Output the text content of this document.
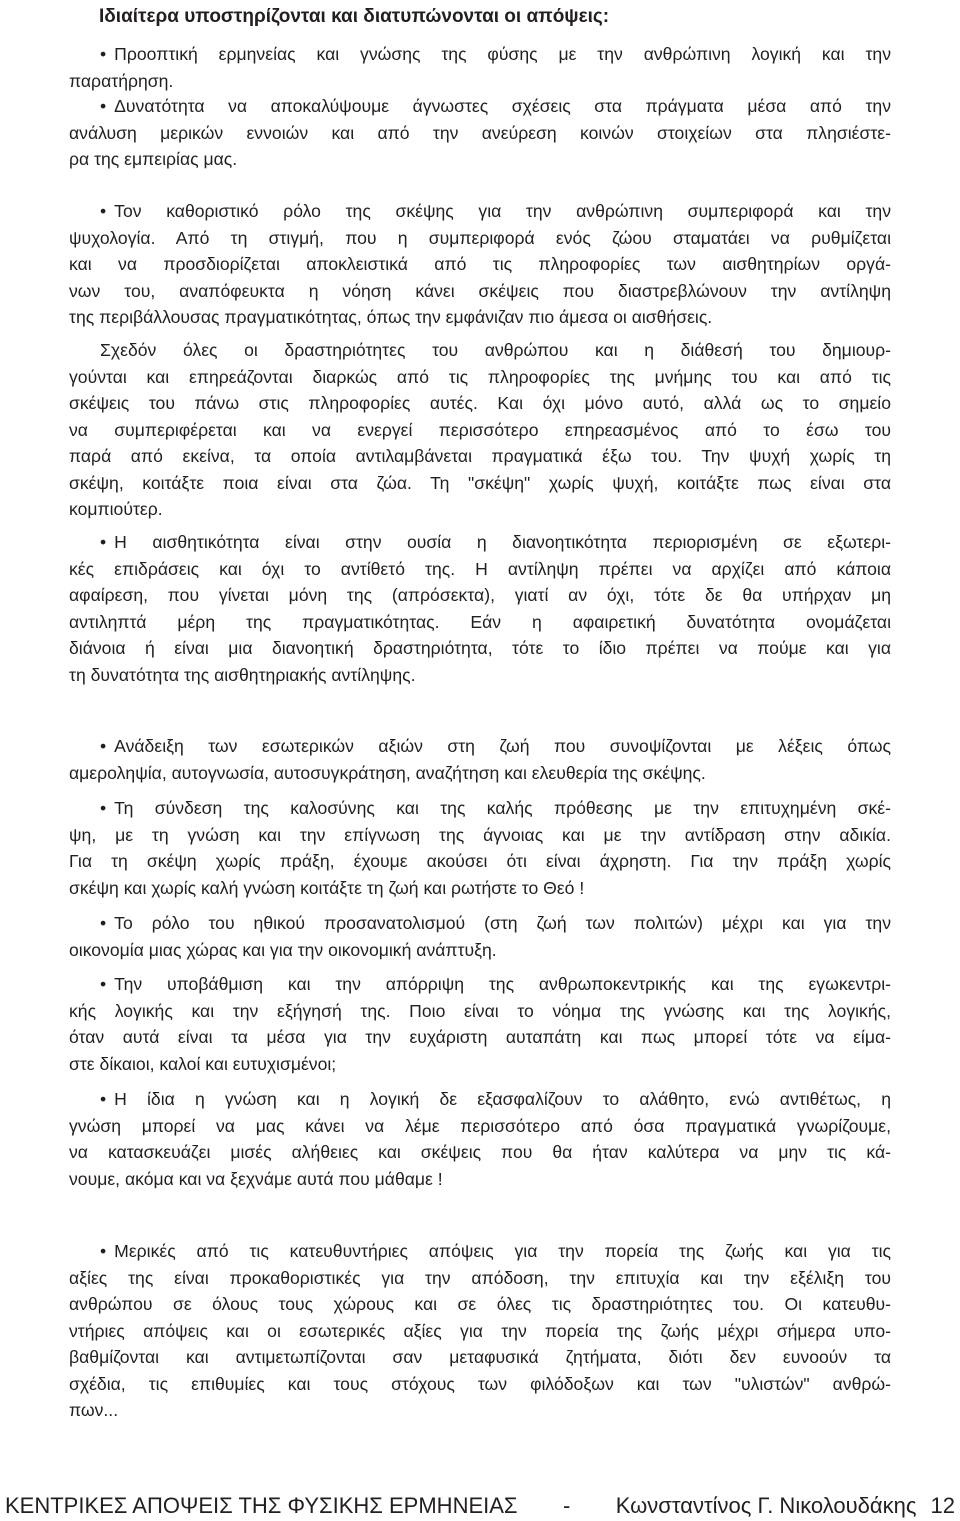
Ιδιαίτερα υποστηρίζονται και διατυπώνονται οι απόψεις:
• Προοπτική ερμηνείας και γνώσης της φύσης με την ανθρώπινη λογική και την
παρατήρηση.
• Δυνατότητα να αποκαλύψουμε άγνωστες σχέσεις στα πράγματα μέσα από την
ανάλυση μερικών εννοιών και από την ανεύρεση κοινών στοιχείων στα πλησιέστε-
ρα της εμπειρίας μας.
• Τον καθοριστικό ρόλο της σκέψης για την ανθρώπινη συμπεριφορά και την
ψυχολογία. Από τη στιγμή, που η συμπεριφορά ενός ζώου σταματάει να ρυθμίζεται
και να προσδιορίζεται αποκλειστικά από τις πληροφορίες των αισθητηρίων οργά-
νων του, αναπόφευκτα η νόηση κάνει σκέψεις που διαστρεβλώνουν την αντίληψη
της περιβάλλουσας πραγματικότητας, όπως την εμφάνιζαν πιο άμεσα οι αισθήσεις.
Σχεδόν όλες οι δραστηριότητες του ανθρώπου και η διάθεσή του δημιουρ-
γούνται και επηρεάζονται διαρκώς από τις πληροφορίες της μνήμης του και από τις
σκέψεις του πάνω στις πληροφορίες αυτές. Και όχι μόνο αυτό, αλλά ως το σημείο
να συμπεριφέρεται και να ενεργεί περισσότερο επηρεασμένος από το έσω του
παρά από εκείνα, τα οποία αντιλαμβάνεται πραγματικά έξω του. Την ψυχή χωρίς τη
σκέψη, κοιτάξτε ποια είναι στα ζώα. Τη "σκέψη" χωρίς ψυχή, κοιτάξτε πως είναι στα
κομπιούτερ.
• Η αισθητικότητα είναι στην ουσία η διανοητικότητα περιορισμένη σε εξωτερι-
κές επιδράσεις και όχι το αντίθετό της. Η αντίληψη πρέπει να αρχίζει από κάποια
αφαίρεση, που γίνεται μόνη της (απρόσεκτα), γιατί αν όχι, τότε δε θα υπήρχαν μη
αντιληπτά μέρη της πραγματικότητας. Εάν η αφαιρετική δυνατότητα ονομάζεται
διάνοια ή είναι μια διανοητική δραστηριότητα, τότε το ίδιο πρέπει να πούμε και για
τη δυνατότητα της αισθητηριακής αντίληψης.
• Ανάδειξη των εσωτερικών αξιών στη ζωή που συνοψίζονται με λέξεις όπως
αμεροληψία, αυτογνωσία, αυτοσυγκράτηση, αναζήτηση και ελευθερία της σκέψης.
• Τη σύνδεση της καλοσύνης και της καλής πρόθεσης με την επιτυχημένη σκέ-
ψη, με τη γνώση και την επίγνωση της άγνοιας και με την αντίδραση στην αδικία.
Για τη σκέψη χωρίς πράξη, έχουμε ακούσει ότι είναι άχρηστη. Για την πράξη χωρίς
σκέψη και χωρίς καλή γνώση κοιτάξτε τη ζωή και ρωτήστε το Θεό !
• Το ρόλο του ηθικού προσανατολισμού (στη ζωή των πολιτών) μέχρι και για την
οικονομία μιας χώρας και για την οικονομική ανάπτυξη.
• Την υποβάθμιση και την απόρριψη της ανθρωποκεντρικής και της εγωκεντρι-
κής λογικής και την εξήγησή της. Ποιο είναι το νόημα της γνώσης και της λογικής,
όταν αυτά είναι τα μέσα για την ευχάριστη αυταπάτη και πως μπορεί τότε να είμα-
στε δίκαιοι, καλοί και ευτυχισμένοι;
• Η ίδια η γνώση και η λογική δε εξασφαλίζουν το αλάθητο, ενώ αντιθέτως, η
γνώση μπορεί να μας κάνει να λέμε περισσότερο από όσα πραγματικά γνωρίζουμε,
να κατασκευάζει μισές αλήθειες και σκέψεις που θα ήταν καλύτερα να μην τις κά-
νουμε, ακόμα και να ξεχνάμε αυτά που μάθαμε !
• Μερικές από τις κατευθυντήριες απόψεις για την πορεία της ζωής και για τις
αξίες της είναι προκαθοριστικές για την απόδοση, την επιτυχία και την εξέλιξη του
ανθρώπου σε όλους τους χώρους και σε όλες τις δραστηριότητες του. Οι κατευθυ-
ντήριες απόψεις και οι εσωτερικές αξίες για την πορεία της ζωής μέχρι σήμερα υπο-
βαθμίζονται και αντιμετωπίζονται σαν μεταφυσικά ζητήματα, διότι δεν ευνοούν τα
σχέδια, τις επιθυμίες και τους στόχους των φιλόδοξων και των "υλιστών" ανθρώ-
πων...
ΚΕΝΤΡΙΚΕΣ ΑΠΟΨΕΙΣ ΤΗΣ ΦΥΣΙΚΗΣ ΕΡΜΗΝΕΙΑΣ - Κωνσταντίνος Γ. Νικολουδάκης 12
